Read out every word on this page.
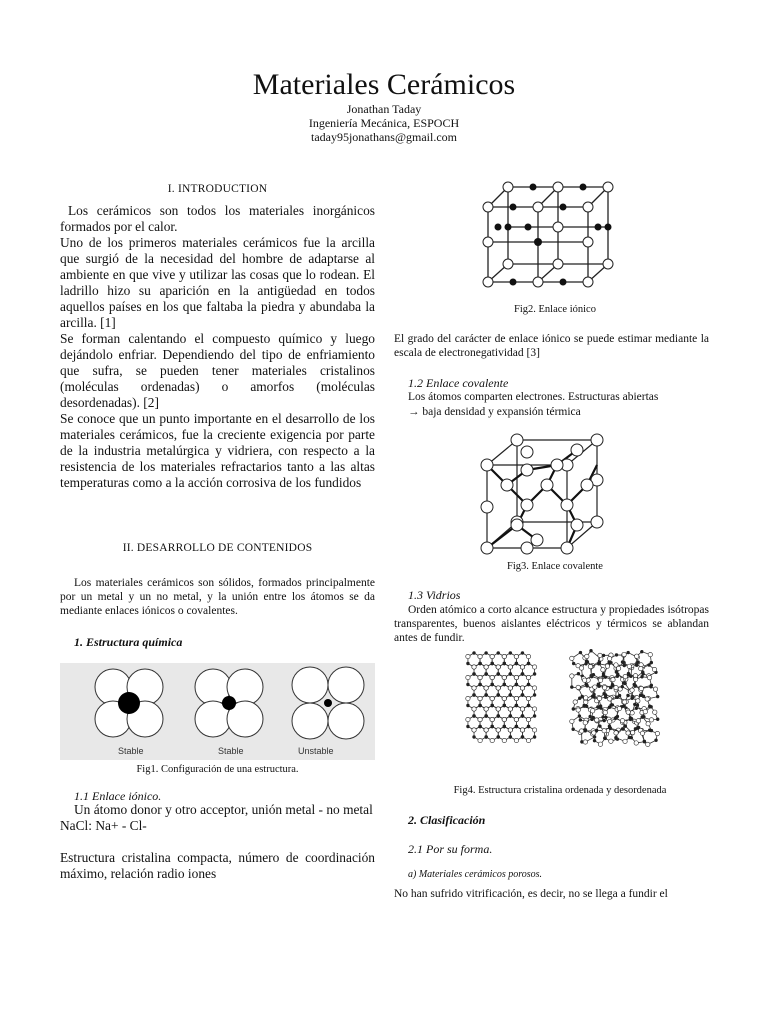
Materiales Cerámicos
Jonathan Taday
Ingeniería Mecánica, ESPOCH
taday95jonathans@gmail.com
I. INTRODUCTION

Los cerámicos son todos los materiales inorgánicos formados por el calor.

Uno de los primeros materiales cerámicos fue la arcilla que surgió de la necesidad del hombre de adaptarse al ambiente en que vive y utilizar las cosas que lo rodean. El ladrillo hizo su aparición en la antigüedad en todos aquellos países en los que faltaba la piedra y abundaba la arcilla. [1]

Se forman calentando el compuesto químico y luego dejándolo enfriar. Dependiendo del tipo de enfriamiento que sufra, se pueden tener materiales cristalinos (moléculas ordenadas) o amorfos (moléculas desordenadas). [2]

Se conoce que un punto importante en el desarrollo de los materiales cerámicos, fue la creciente exigencia por parte de la industria metalúrgica y vidriera, con respecto a la resistencia de los materiales refractarios tanto a las altas temperaturas como a la acción corrosiva de los fundidos

II. DESARROLLO DE CONTENIDOS

Los materiales cerámicos son sólidos, formados principalmente por un metal y un no metal, y la unión entre los átomos se da mediante enlaces iónicos o covalentes.

1. Estructura química
Stable	Stable	Unstable
Fig1. Configuración de una estructura.
1.1 Enlace iónico.

Un átomo donor y otro acceptor, unión metal - no metal

NaCl: Na+ - Cl-

Estructura cristalina compacta, número de coordinación máximo, relación radio iones

Fig2. Enlace iónico
El grado del carácter de enlace iónico se puede estimar mediante la escala de electronegatividad [3]
1.2 Enlace covalente
Los átomos comparten electrones. Estructuras abiertas
→ baja densidad y expansión térmica
Fig3. Enlace covalente
1.3 Vidrios
Orden atómico a corto alcance estructura y propiedades isótropas transparentes, buenos aislantes eléctricos y térmicos se ablandan antes de fundir.
Fig4. Estructura cristalina ordenada y desordenada
2. Clasificación
2.1 Por su forma.
a) Materiales cerámicos porosos.
No han sufrido vitrificación, es decir, no se llega a fundir el
